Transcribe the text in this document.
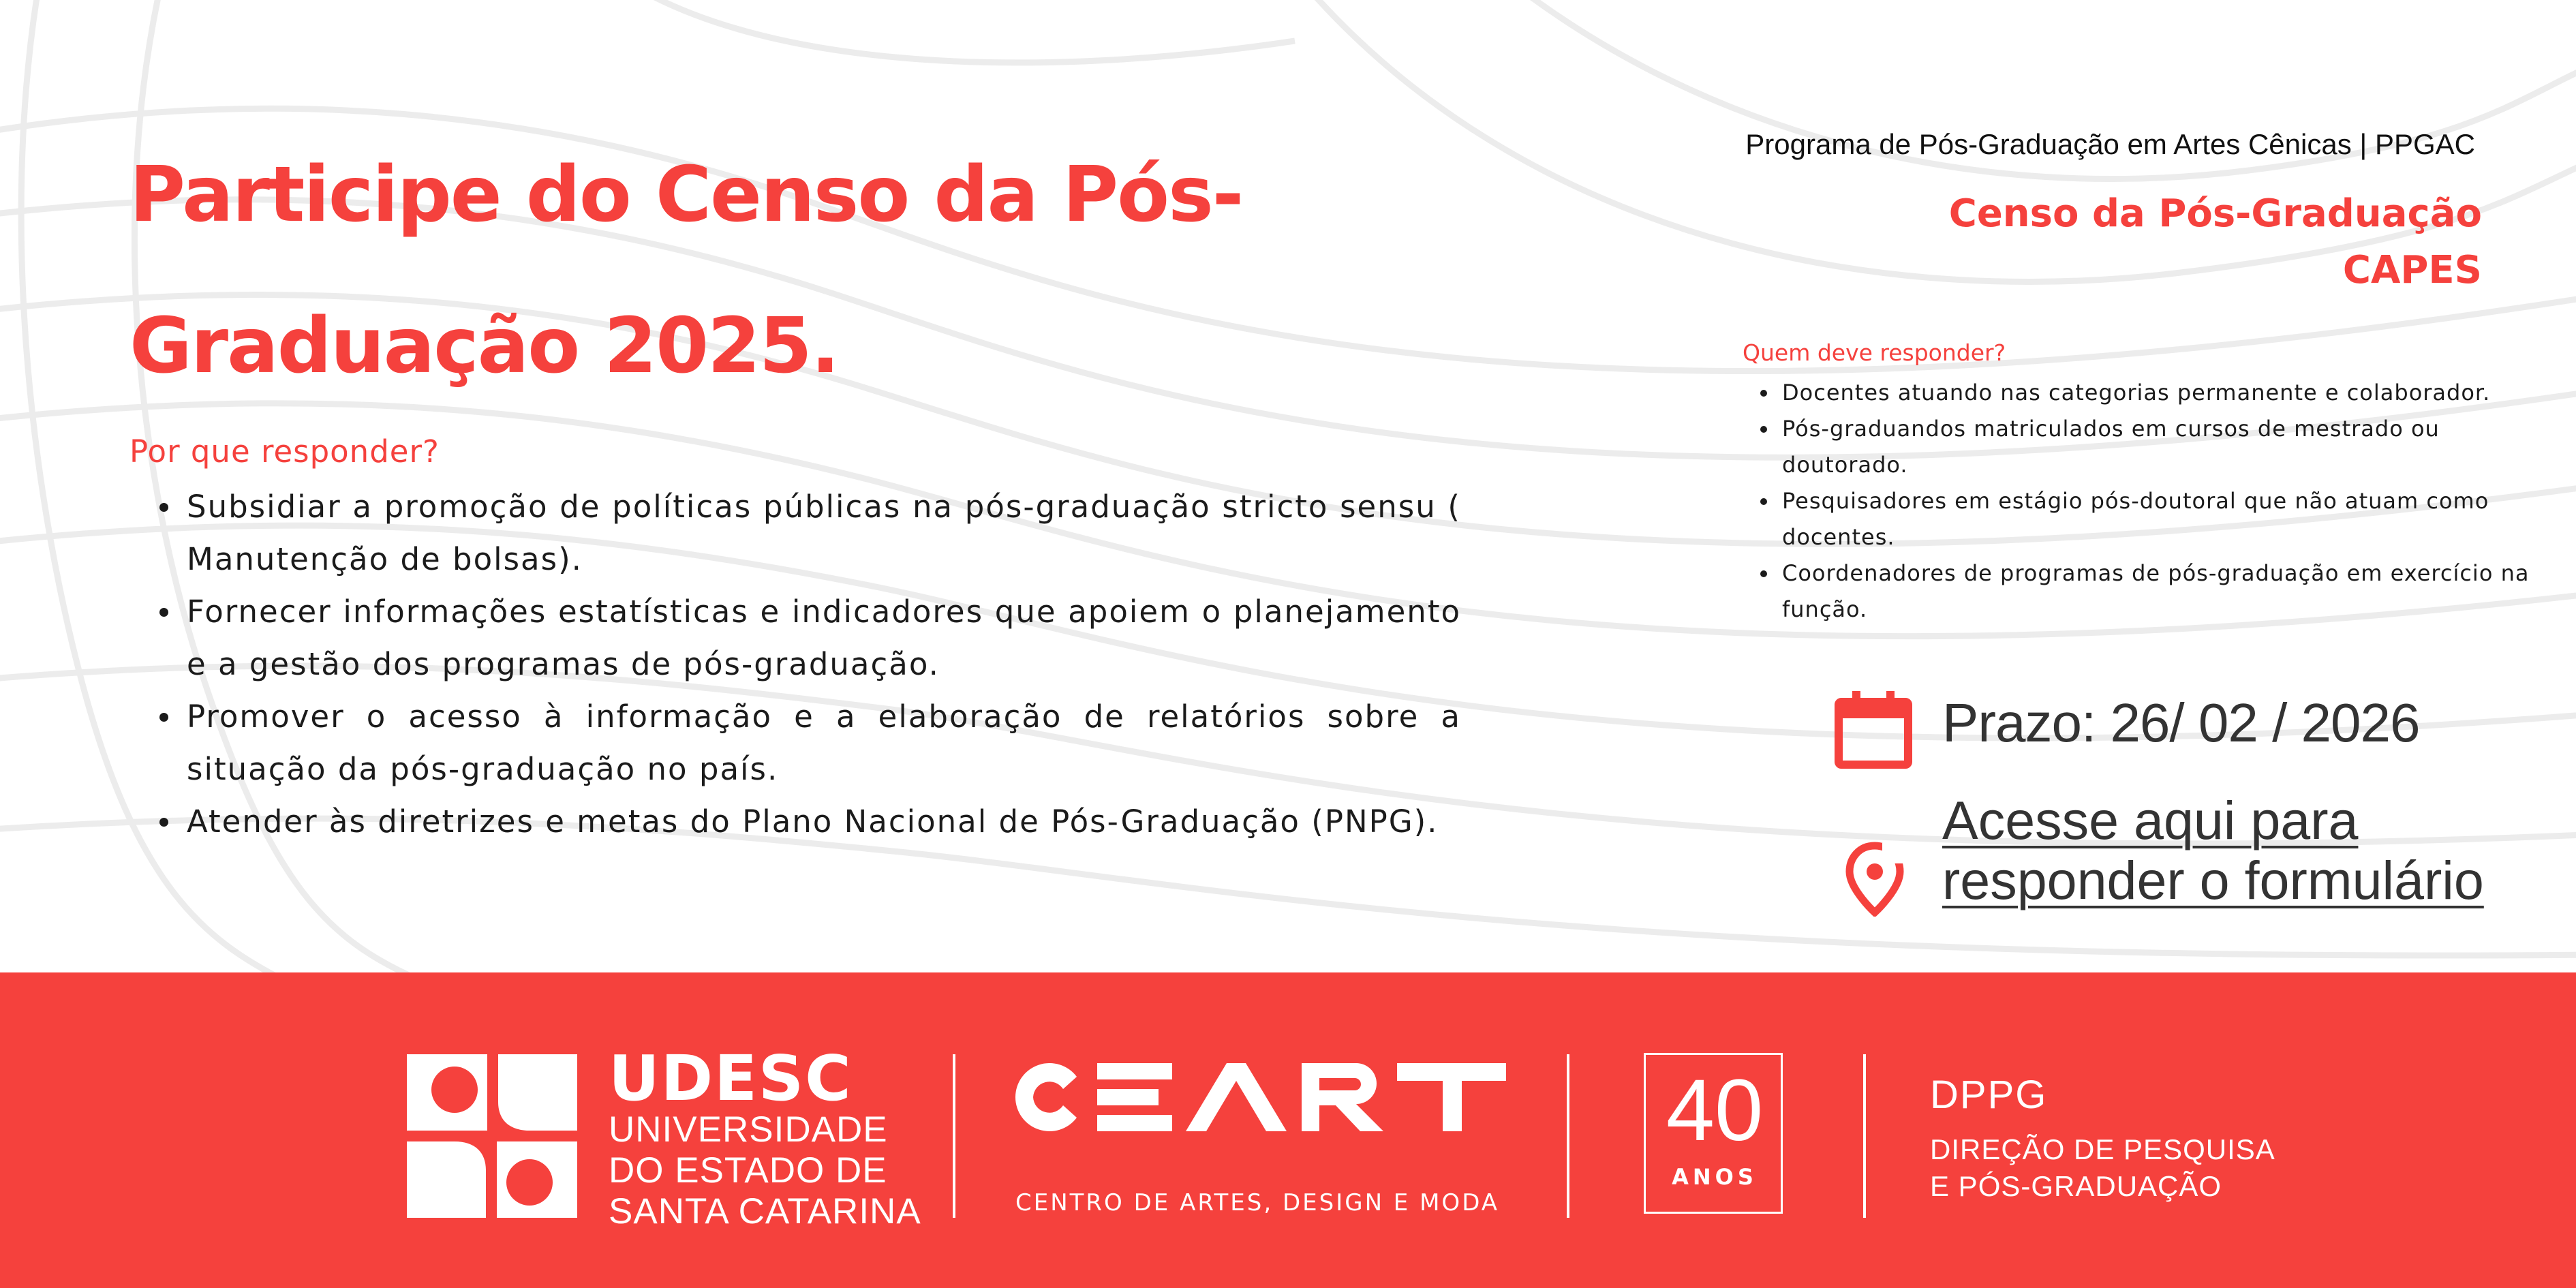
Participe do Censo da Pós-Graduação 2025.
Por que responder?
Subsidiar a promoção de políticas públicas na pós-graduação stricto sensu ( Manutenção de bolsas).
Fornecer informações estatísticas e indicadores que apoiem o planejamento e a gestão dos programas de pós-graduação.
Promover o acesso à informação e a elaboração de relatórios sobre a situação da pós-graduação no país.
Atender às diretrizes e metas do Plano Nacional de Pós-Graduação (PNPG).
Programa de Pós-Graduação em Artes Cênicas | PPGAC
Censo da Pós-Graduação
CAPES
Quem deve responder?
Docentes atuando nas categorias permanente e colaborador.
Pós-graduandos matriculados em cursos de mestrado ou doutorado.
Pesquisadores em estágio pós-doutoral que não atuam como docentes.
Coordenadores de programas de pós-graduação em exercício na função.
Prazo: 26/ 02 / 2026
Acesse aqui para responder o formulário
UDESC
UNIVERSIDADE
DO ESTADO DE
SANTA CATARINA	CENTRO DE ARTES, DESIGN E MODA
40
ANOS
DPPG
DIREÇÃO DE PESQUISA
E PÓS-GRADUAÇÃO
